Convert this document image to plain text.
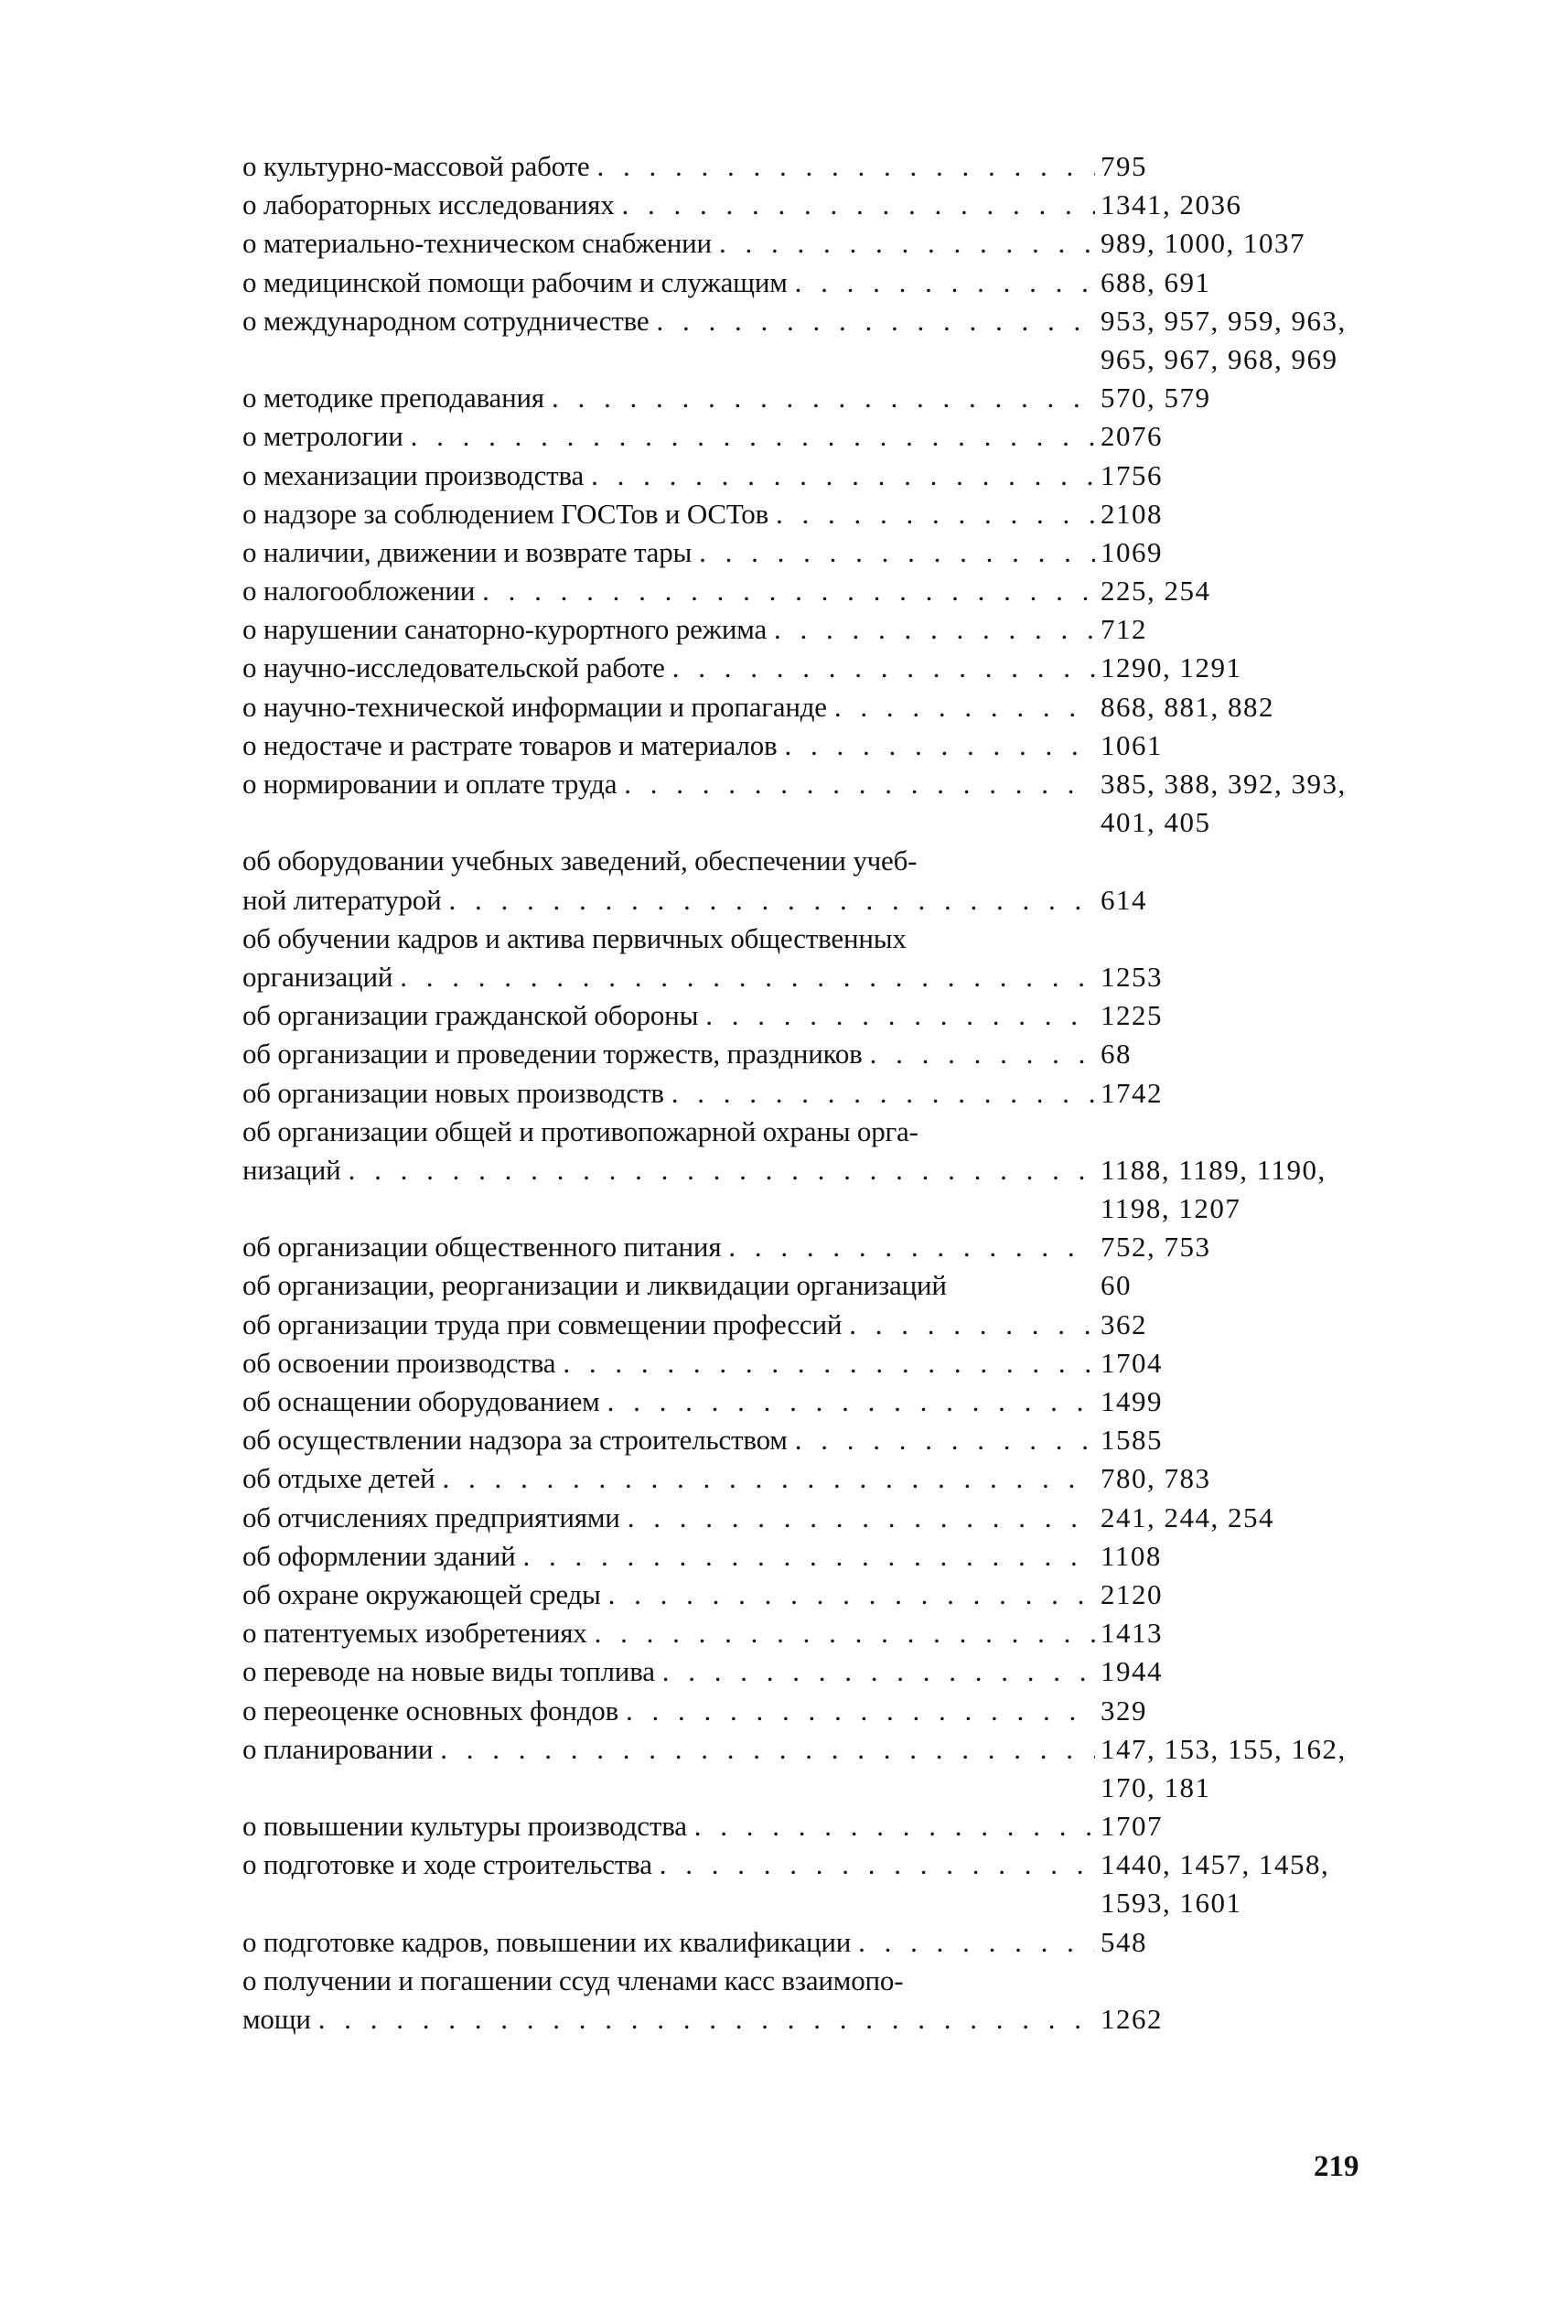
о культурно-массовой работе . . .	795
о лабораторных исследованиях . . .	1341, 2036
о материально-техническом снабжении . . .	989, 1000, 1037
о медицинской помощи рабочим и служащим . . .	688, 691
о международном сотрудничестве . . .	953, 957, 959, 963,
965, 967, 968, 969
о методике преподавания . . .	570, 579
о метрологии . . .	2076
о механизации производства . . .	1756
о надзоре за соблюдением ГОСТов и ОСТов . . .	2108
о наличии, движении и возврате тары . . .	1069
о налогообложении . . .	225, 254
о нарушении санаторно-курортного режима . . .	712
о научно-исследовательской работе . . .	1290, 1291
о научно-технической информации и пропаганде . . .	868, 881, 882
о недостаче и растрате товаров и материалов . . .	1061
о нормировании и оплате труда . . .	385, 388, 392, 393,
401, 405
об оборудовании учебных заведений, обеспечении учеб-
ной литературой . . .	614
об обучении кадров и актива первичных общественных
организаций . . .	1253
об организации гражданской обороны . . .	1225
об организации и проведении торжеств, праздников . . .	68
об организации новых производств . . .	1742
об организации общей и противопожарной охраны орга-
низаций . . .	1188, 1189, 1190,
1198, 1207
об организации общественного питания . . .	752, 753
об организации, реорганизации и ликвидации организаций	60
об организации труда при совмещении профессий . . .	362
об освоении производства . . .	1704
об оснащении оборудованием . . .	1499
об осуществлении надзора за строительством . . .	1585
об отдыхе детей . . .	780, 783
об отчислениях предприятиями . . .	241, 244, 254
об оформлении зданий . . .	1108
об охране окружающей среды . . .	2120
о патентуемых изобретениях . . .	1413
о переводе на новые виды топлива . . .	1944
о переоценке основных фондов . . .	329
о планировании . . .	147, 153, 155, 162,
170, 181
о повышении культуры производства . . .	1707
о подготовке и ходе строительства . . .	1440, 1457, 1458,
1593, 1601
о подготовке кадров, повышении их квалификации . . .	548
о получении и погашении ссуд членами касс взаимопо-
мощи . . .	1262
219
